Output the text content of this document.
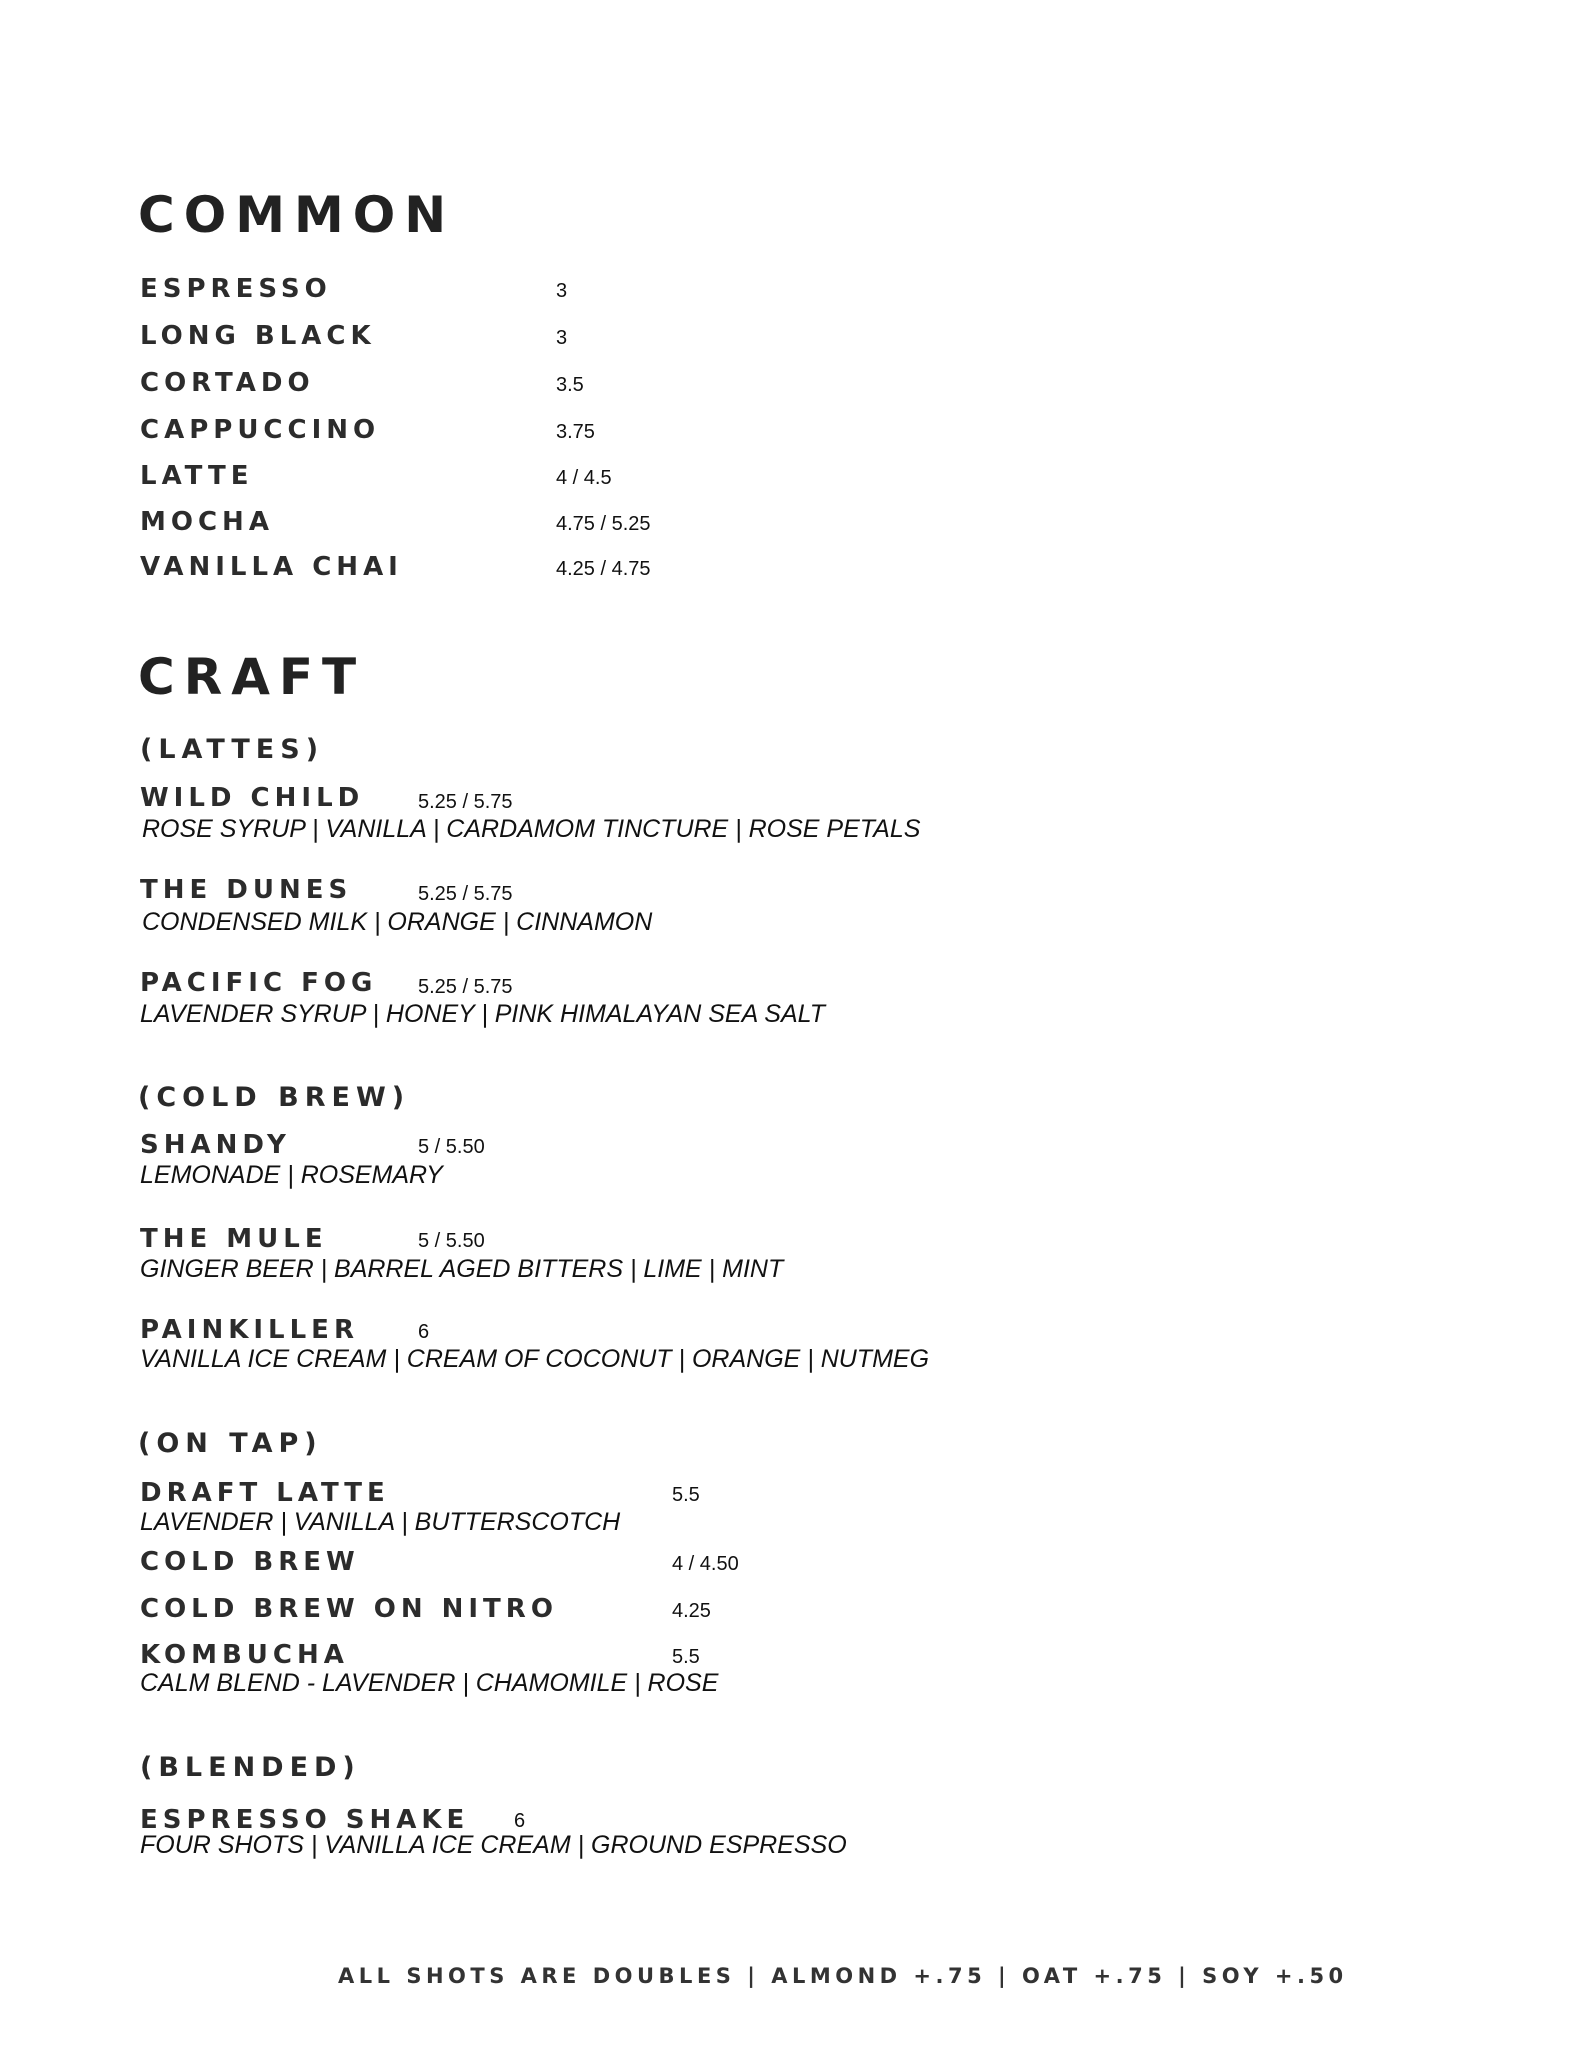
COMMON
ESPRESSO	3
LONG BLACK	3
CORTADO	3.5
CAPPUCCINO	3.75
LATTE	4 / 4.5
MOCHA	4.75 / 5.25
VANILLA CHAI	4.25 / 4.75
CRAFT
(LATTES)
WILD CHILD	5.25 / 5.75
ROSE SYRUP | VANILLA | CARDAMOM TINCTURE | ROSE PETALS
THE DUNES	5.25 / 5.75
CONDENSED MILK | ORANGE | CINNAMON
PACIFIC FOG 5.25 / 5.75
LAVENDER SYRUP | HONEY | PINK HIMALAYAN SEA SALT
(COLD BREW)
SHANDY	5 / 5.50
LEMONADE | ROSEMARY
THE MULE	5 / 5.50
GINGER BEER | BARREL AGED BITTERS | LIME | MINT
PAINKILLER	6
VANILLA ICE CREAM | CREAM OF COCONUT | ORANGE | NUTMEG
(ON TAP)
DRAFT LATTE	5.5
LAVENDER | VANILLA | BUTTERSCOTCH
COLD BREW	4 / 4.50
COLD BREW ON NITRO	4.25
KOMBUCHA	5.5
CALM BLEND - LAVENDER | CHAMOMILE | ROSE
(BLENDED)
ESPRESSO SHAKE 6
FOUR SHOTS | VANILLA ICE CREAM | GROUND ESPRESSO
ALL SHOTS ARE DOUBLES | ALMOND +.75 | OAT +.75 | SOY +.50
